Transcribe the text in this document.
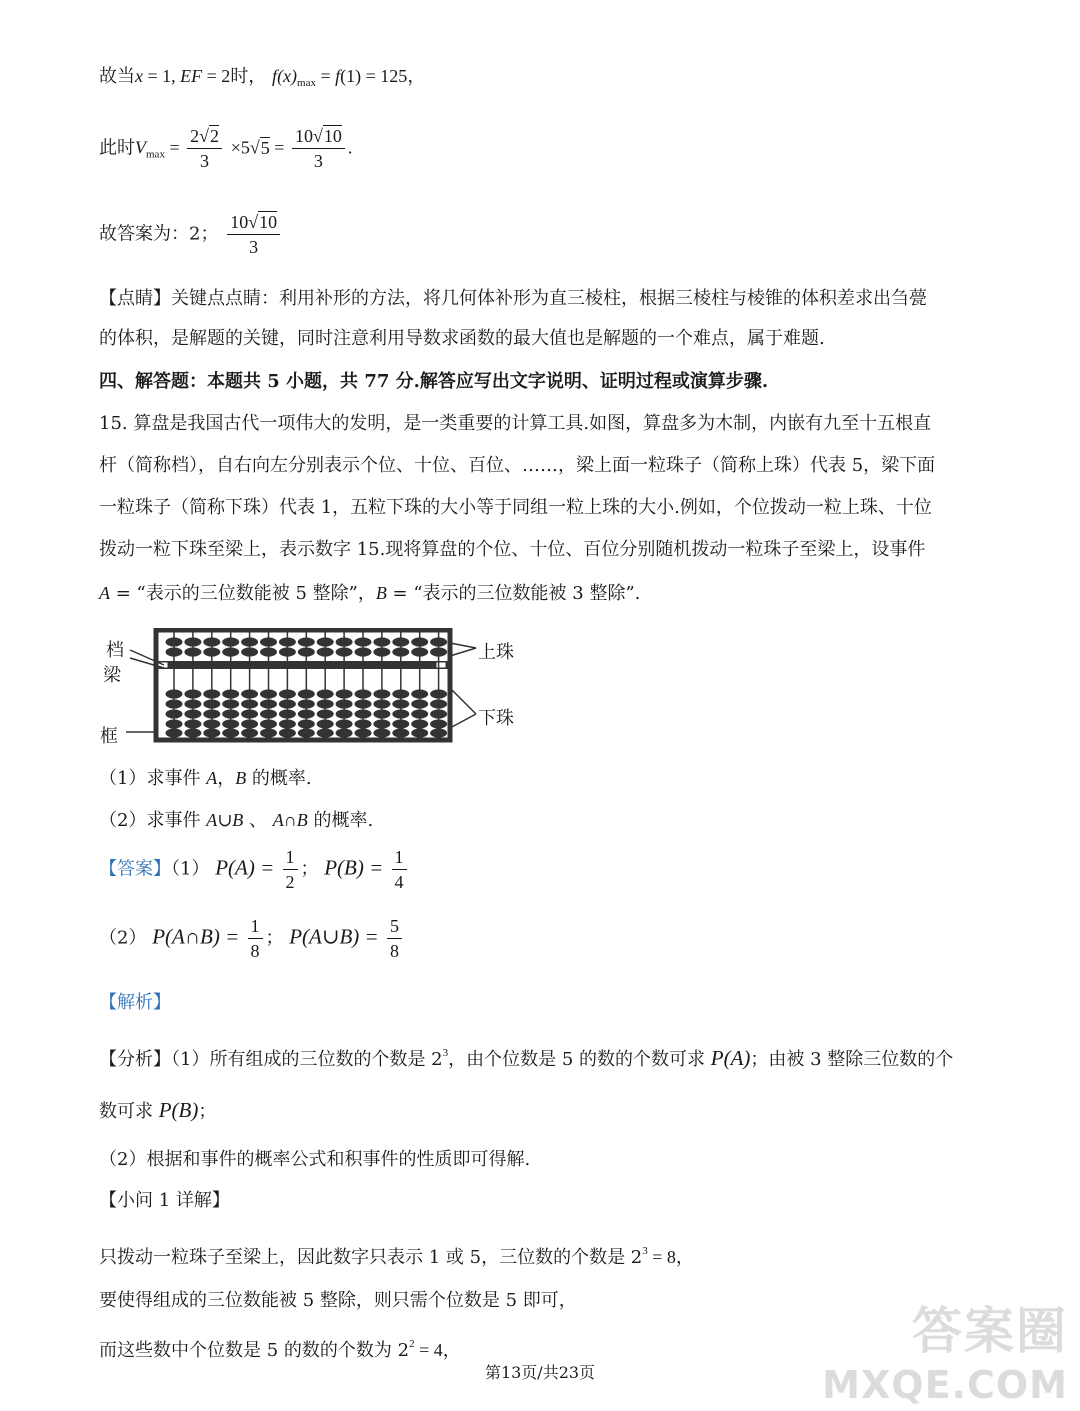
故当x = 1, EF = 2时， $f(x)_{max} = f(1) = 125$，
此时$V_{max} = \frac{2√2}{3} \times 5√5 = \frac{10√10}{3}$ .
故答案为：2； $\frac{10√10}{3}$
【点睛】关键点点睛：利用补形的方法，将几何体补形为直三棱柱，根据三棱柱与棱锥的体积差求出刍甍
的体积，是解题的关键，同时注意利用导数求函数的最大值也是解题的一个难点，属于难题.
四、解答题：本题共 5 小题，共 77 分.解答应写出文字说明、证明过程或演算步骤.
15. 算盘是我国古代一项伟大的发明，是一类重要的计算工具.如图，算盘多为木制，内嵌有九至十五根直
杆（简称档），自右向左分别表示个位、十位、百位、……，梁上面一粒珠子（简称上珠）代表 5，梁下面
一粒珠子（简称下珠）代表 1，五粒下珠的大小等于同组一粒上珠的大小.例如，个位拨动一粒上珠、十位
拨动一粒下珠至梁上，表示数字 15.现将算盘的个位、十位、百位分别随机拨动一粒珠子至梁上，设事件
A = “表示的三位数能被 5 整除”，B = “表示的三位数能被 3 整除”.
档
梁
框
上珠
下珠
（1）求事件 A，B 的概率.
（2）求事件 A∪B 、 A∩B 的概率.
【答案】（1） $P(A) = \frac{1}{2}$ ； $P(B) = \frac{1}{4}$
（2） P(A∩B) = $\frac{1}{8}$ ； P(A∪B) = $\frac{5}{8}$
【解析】
【分析】（1）所有组成的三位数的个数是 $2^3$，由个位数是 5 的数的个数可求 P(A)；由被 3 整除三位数的个
数可求 P(B)；
（2）根据和事件的概率公式和积事件的性质即可得解.
【小问 1 详解】
只拨动一粒珠子至梁上，因此数字只表示 1 或 5，三位数的个数是 $2^3 = 8$，
要使得组成的三位数能被 5 整除，则只需个位数是 5 即可，
而这些数中个位数是 5 的数的个数为 $2^2 = 4$，
第13页/共23页
答案圈
MXQE.COM
